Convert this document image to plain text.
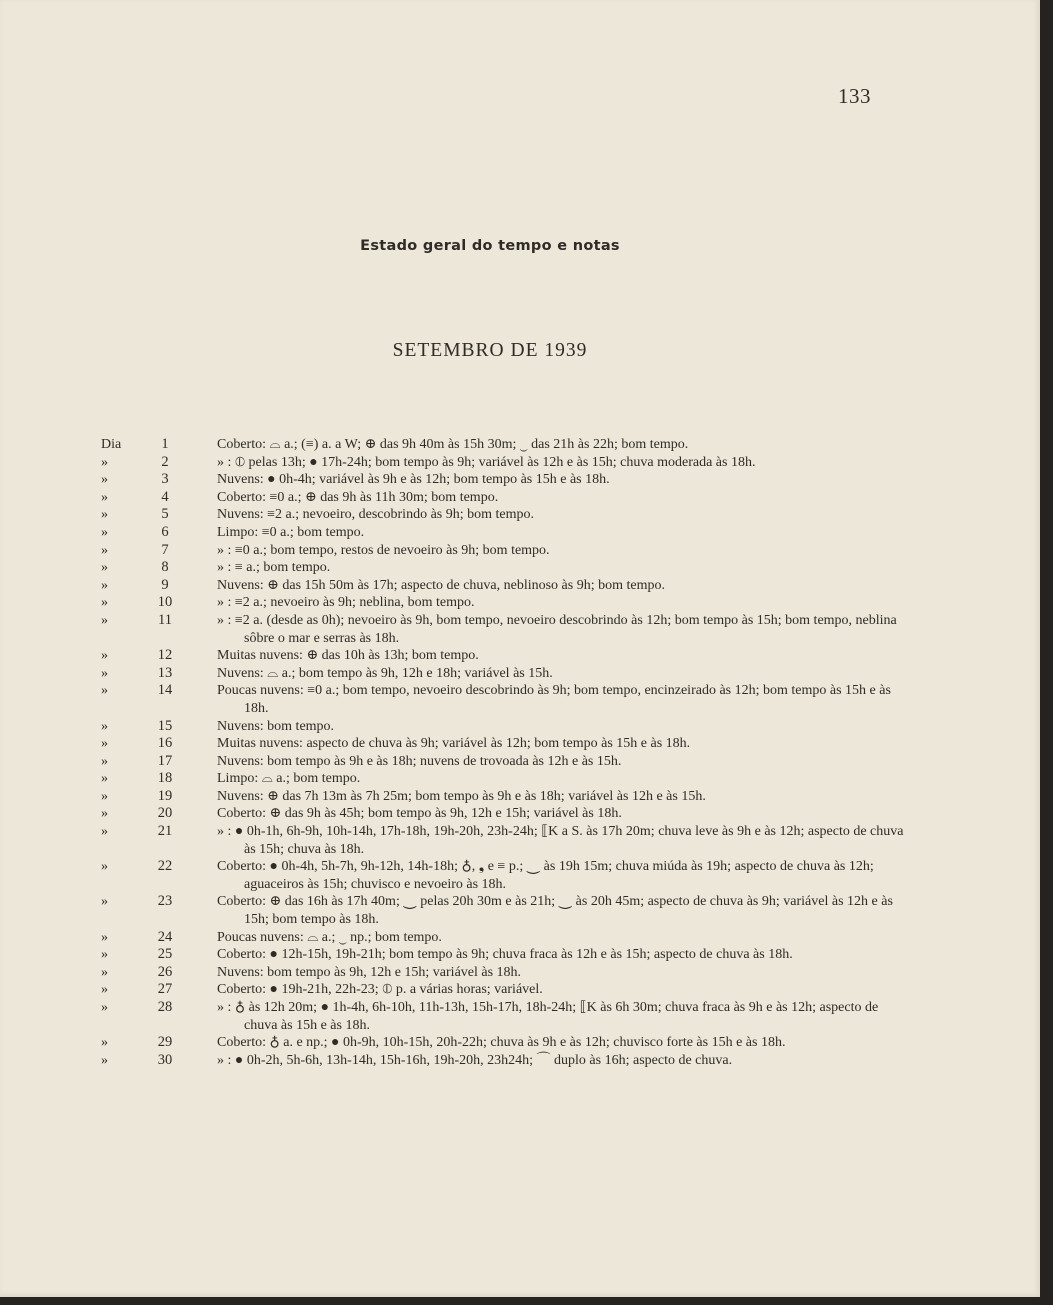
133
Estado geral do tempo e notas
SETEMBRO DE 1939
Dia	1	Coberto: ⌓ a.; (≡) a. a W; ⊕ das 9h 40m às 15h 30m; ⏝ das 21h às 22h; bom tempo.
»	2	» : ⦶ pelas 13h; ● 17h-24h; bom tempo às 9h; variável às 12h e às 15h; chuva moderada às 18h.
»	3	Nuvens: ● 0h-4h; variável às 9h e às 12h; bom tempo às 15h e às 18h.
»	4	Coberto: ≡0 a.; ⊕ das 9h às 11h 30m; bom tempo.
»	5	Nuvens: ≡2 a.; nevoeiro, descobrindo às 9h; bom tempo.
»	6	Limpo: ≡0 a.; bom tempo.
»	7	» : ≡0 a.; bom tempo, restos de nevoeiro às 9h; bom tempo.
»	8	» : ≡ a.; bom tempo.
»	9	Nuvens: ⊕ das 15h 50m às 17h; aspecto de chuva, neblinoso às 9h; bom tempo.
»	10	» : ≡2 a.; nevoeiro às 9h; neblina, bom tempo.
»	11	» : ≡2 a. (desde as 0h); nevoeiro às 9h, bom tempo, nevoeiro descobrindo às 12h; bom tempo às 15h; bom tempo, neblina sôbre o mar e serras às 18h.
»	12	Muitas nuvens: ⊕ das 10h às 13h; bom tempo.
»	13	Nuvens: ⌓ a.; bom tempo às 9h, 12h e 18h; variável às 15h.
»	14	Poucas nuvens: ≡0 a.; bom tempo, nevoeiro descobrindo às 9h; bom tempo, encinzeirado às 12h; bom tempo às 15h e às 18h.
»	15	Nuvens: bom tempo.
»	16	Muitas nuvens: aspecto de chuva às 9h; variável às 12h; bom tempo às 15h e às 18h.
»	17	Nuvens: bom tempo às 9h e às 18h; nuvens de trovoada às 12h e às 15h.
»	18	Limpo: ⌓ a.; bom tempo.
»	19	Nuvens: ⊕ das 7h 13m às 7h 25m; bom tempo às 9h e às 18h; variável às 12h e às 15h.
»	20	Coberto: ⊕ das 9h às 45h; bom tempo às 9h, 12h e 15h; variável às 18h.
»	21	» : ● 0h-1h, 6h-9h, 10h-14h, 17h-18h, 19h-20h, 23h-24h; ⟦K a S. às 17h 20m; chuva leve às 9h e às 12h; aspecto de chuva às 15h; chuva às 18h.
»	22	Coberto: ● 0h-4h, 5h-7h, 9h-12h, 14h-18h; ♁, ❟ e ≡ p.; ⏝ às 19h 15m; chuva miúda às 19h; aspecto de chuva às 12h; aguaceiros às 15h; chuvisco e nevoeiro às 18h.
»	23	Coberto: ⊕ das 16h às 17h 40m; ⏝ pelas 20h 30m e às 21h; ⏝ às 20h 45m; aspecto de chuva às 9h; variável às 12h e às 15h; bom tempo às 18h.
»	24	Poucas nuvens: ⌓ a.; ⏝ np.; bom tempo.
»	25	Coberto: ● 12h-15h, 19h-21h; bom tempo às 9h; chuva fraca às 12h e às 15h; aspecto de chuva às 18h.
»	26	Nuvens: bom tempo às 9h, 12h e 15h; variável às 18h.
»	27	Coberto: ● 19h-21h, 22h-23; ⦶ p. a várias horas; variável.
»	28	» : ♁ às 12h 20m; ● 1h-4h, 6h-10h, 11h-13h, 15h-17h, 18h-24h; ⟦K às 6h 30m; chuva fraca às 9h e às 12h; aspecto de chuva às 15h e às 18h.
»	29	Coberto: ♁ a. e np.; ● 0h-9h, 10h-15h, 20h-22h; chuva às 9h e às 12h; chuvisco forte às 15h e às 18h.
»	30	» : ● 0h-2h, 5h-6h, 13h-14h, 15h-16h, 19h-20h, 23h24h; ⌒ duplo às 16h; aspecto de chuva.
